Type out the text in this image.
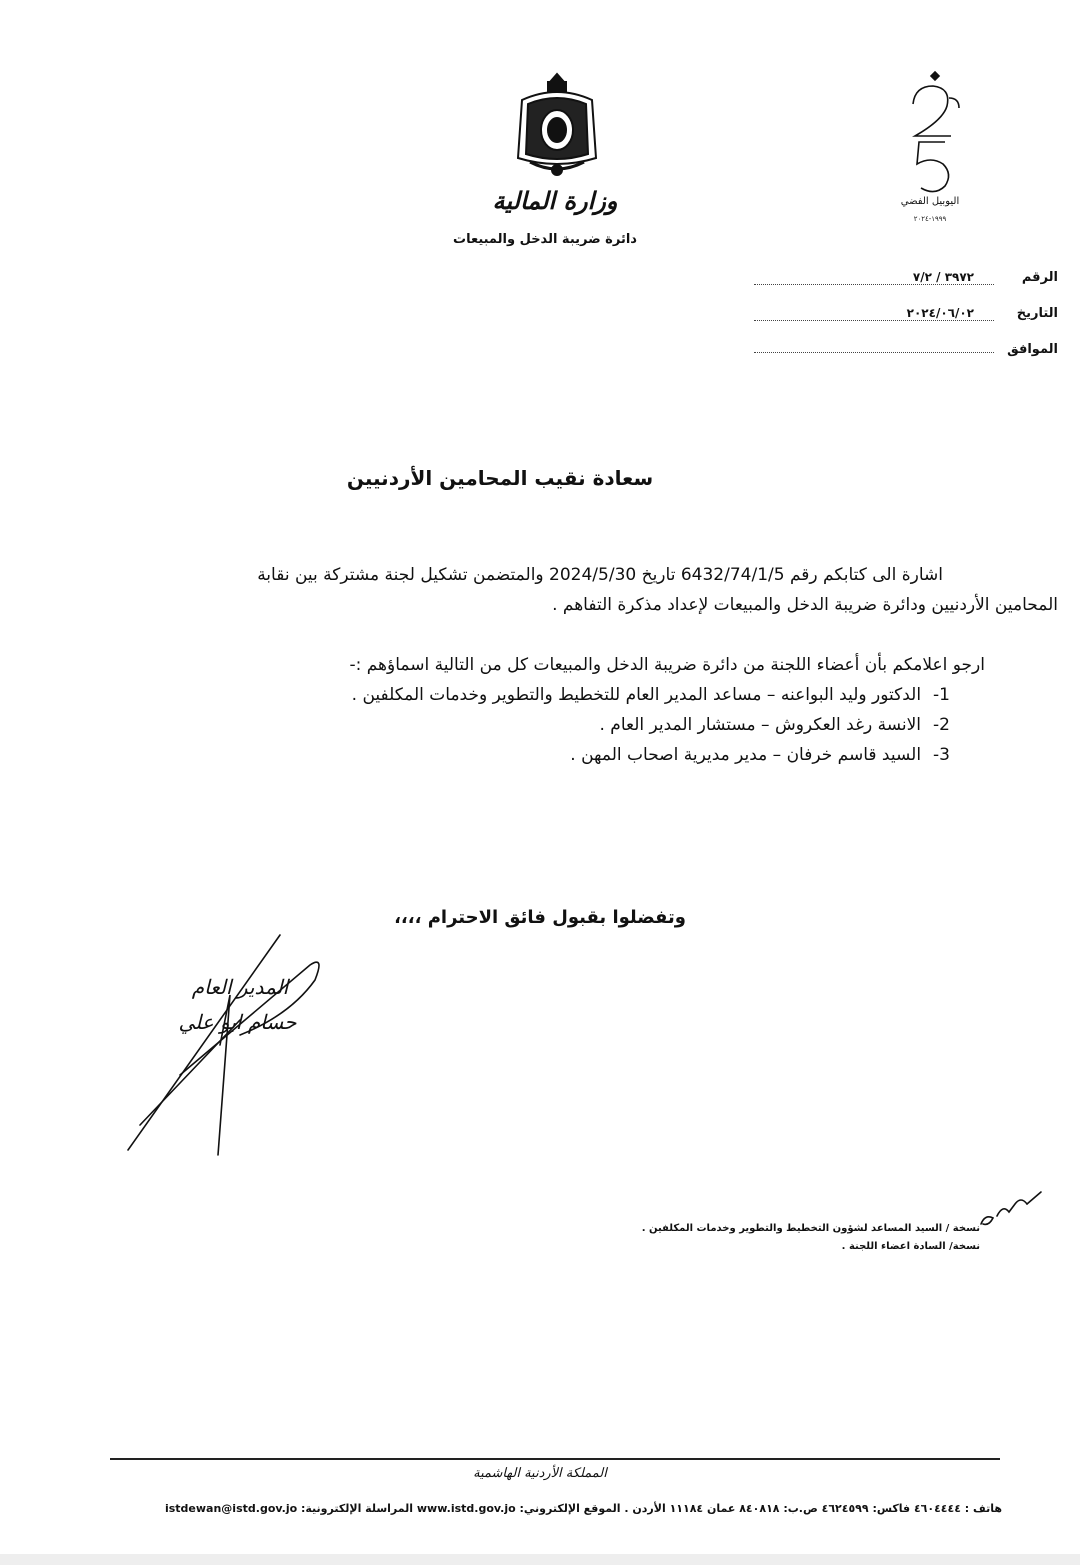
وزارة المالية
دائرة ضريبة الدخل والمبيعات
اليوبيل الفضي
١٩٩٩-٢٠٢٤
الرقم
٣٩٧٢ / ٧/٢
التاريخ
٢٠٢٤/٠٦/٠٢
الموافق
سعادة نقيب المحامين الأردنيين
اشارة الى كتابكم رقم 6432/74/1/5 تاريخ 2024/5/30 والمتضمن تشكيل لجنة مشتركة بين نقابة
المحامين الأردنيين ودائرة ضريبة الدخل والمبيعات لإعداد مذكرة التفاهم .
ارجو اعلامكم بأن أعضاء اللجنة من دائرة ضريبة الدخل والمبيعات كل من التالية اسماؤهم :-
-1الدكتور وليد البواعنه – مساعد المدير العام للتخطيط والتطوير وخدمات المكلفين .
-2الانسة رغد العكروش – مستشار المدير العام .
-3السيد قاسم خرفان – مدير مديرية اصحاب المهن .
وتفضلوا بقبول فائق الاحترام ،،،،
المدير العام
حسام ابو علي
نسخة / السيد المساعد لشؤون التخطيط والتطوير وخدمات المكلفين .
نسخة/ السادة اعضاء اللجنة .
المملكة الأردنية الهاشمية
هاتف : ٤٦٠٤٤٤٤ فاكس: ٤٦٢٤٥٩٩ ص.ب: ٨٤٠٨١٨ عمان ١١١٨٤ الأردن . الموقع الإلكتروني: www.istd.gov.jo المراسلة الإلكترونية: istdewan@istd.gov.jo
